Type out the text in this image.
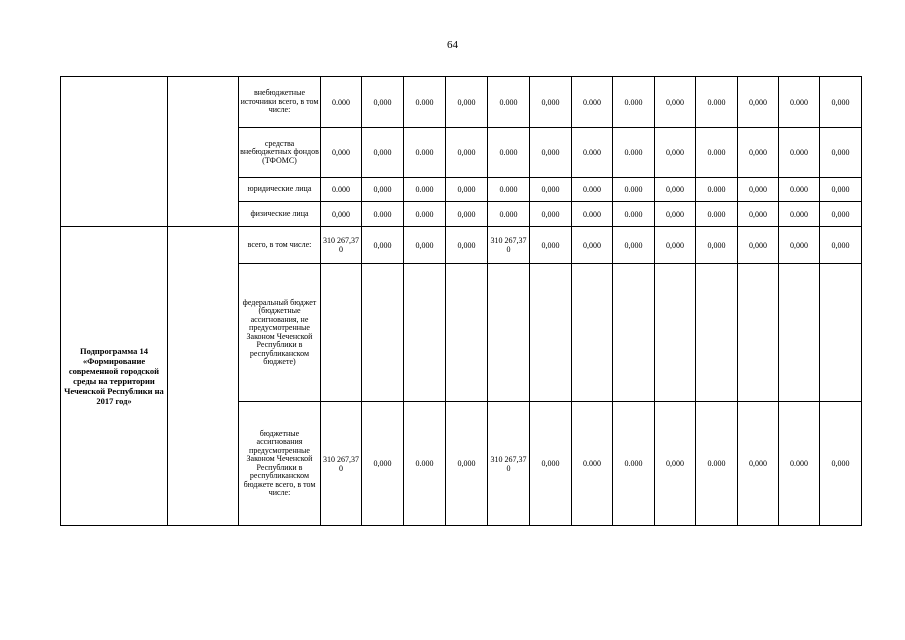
64
		внебюджетные источники всего, в том числе:	0.000	0,000	0.000	0,000	0.000	0,000	0.000	0.000	0,000	0.000	0,000	0.000	0,000
		средства внебюджетных фондов (ТФОМС)	0,000	0,000	0.000	0,000	0.000	0,000	0.000	0.000	0,000	0.000	0,000	0.000	0,000
		юридические лица	0.000	0,000	0.000	0,000	0.000	0,000	0.000	0.000	0,000	0.000	0,000	0.000	0,000
		физические лица	0,000	0.000	0.000	0,000	0.000	0,000	0.000	0.000	0,000	0.000	0,000	0.000	0,000
Подпрограмма 14 «Формирование современной городской среды на территории Чеченской Республики на 2017 год»		всего, в том числе:	310 267,370	0,000	0,000	0,000	310 267,370	0,000	0,000	0,000	0,000	0,000	0,000	0,000	0,000
		федеральный бюджет (бюджетные ассигнования, не предусмотренные Законом Чеченской Республики в республиканском бюджете)													
		бюджетные ассигнования предусмотренные Законом Чеченской Республики в республиканском бюджете всего, в том числе:	310 267,370	0,000	0.000	0,000	310 267,370	0,000	0.000	0.000	0,000	0.000	0,000	0.000	0,000
